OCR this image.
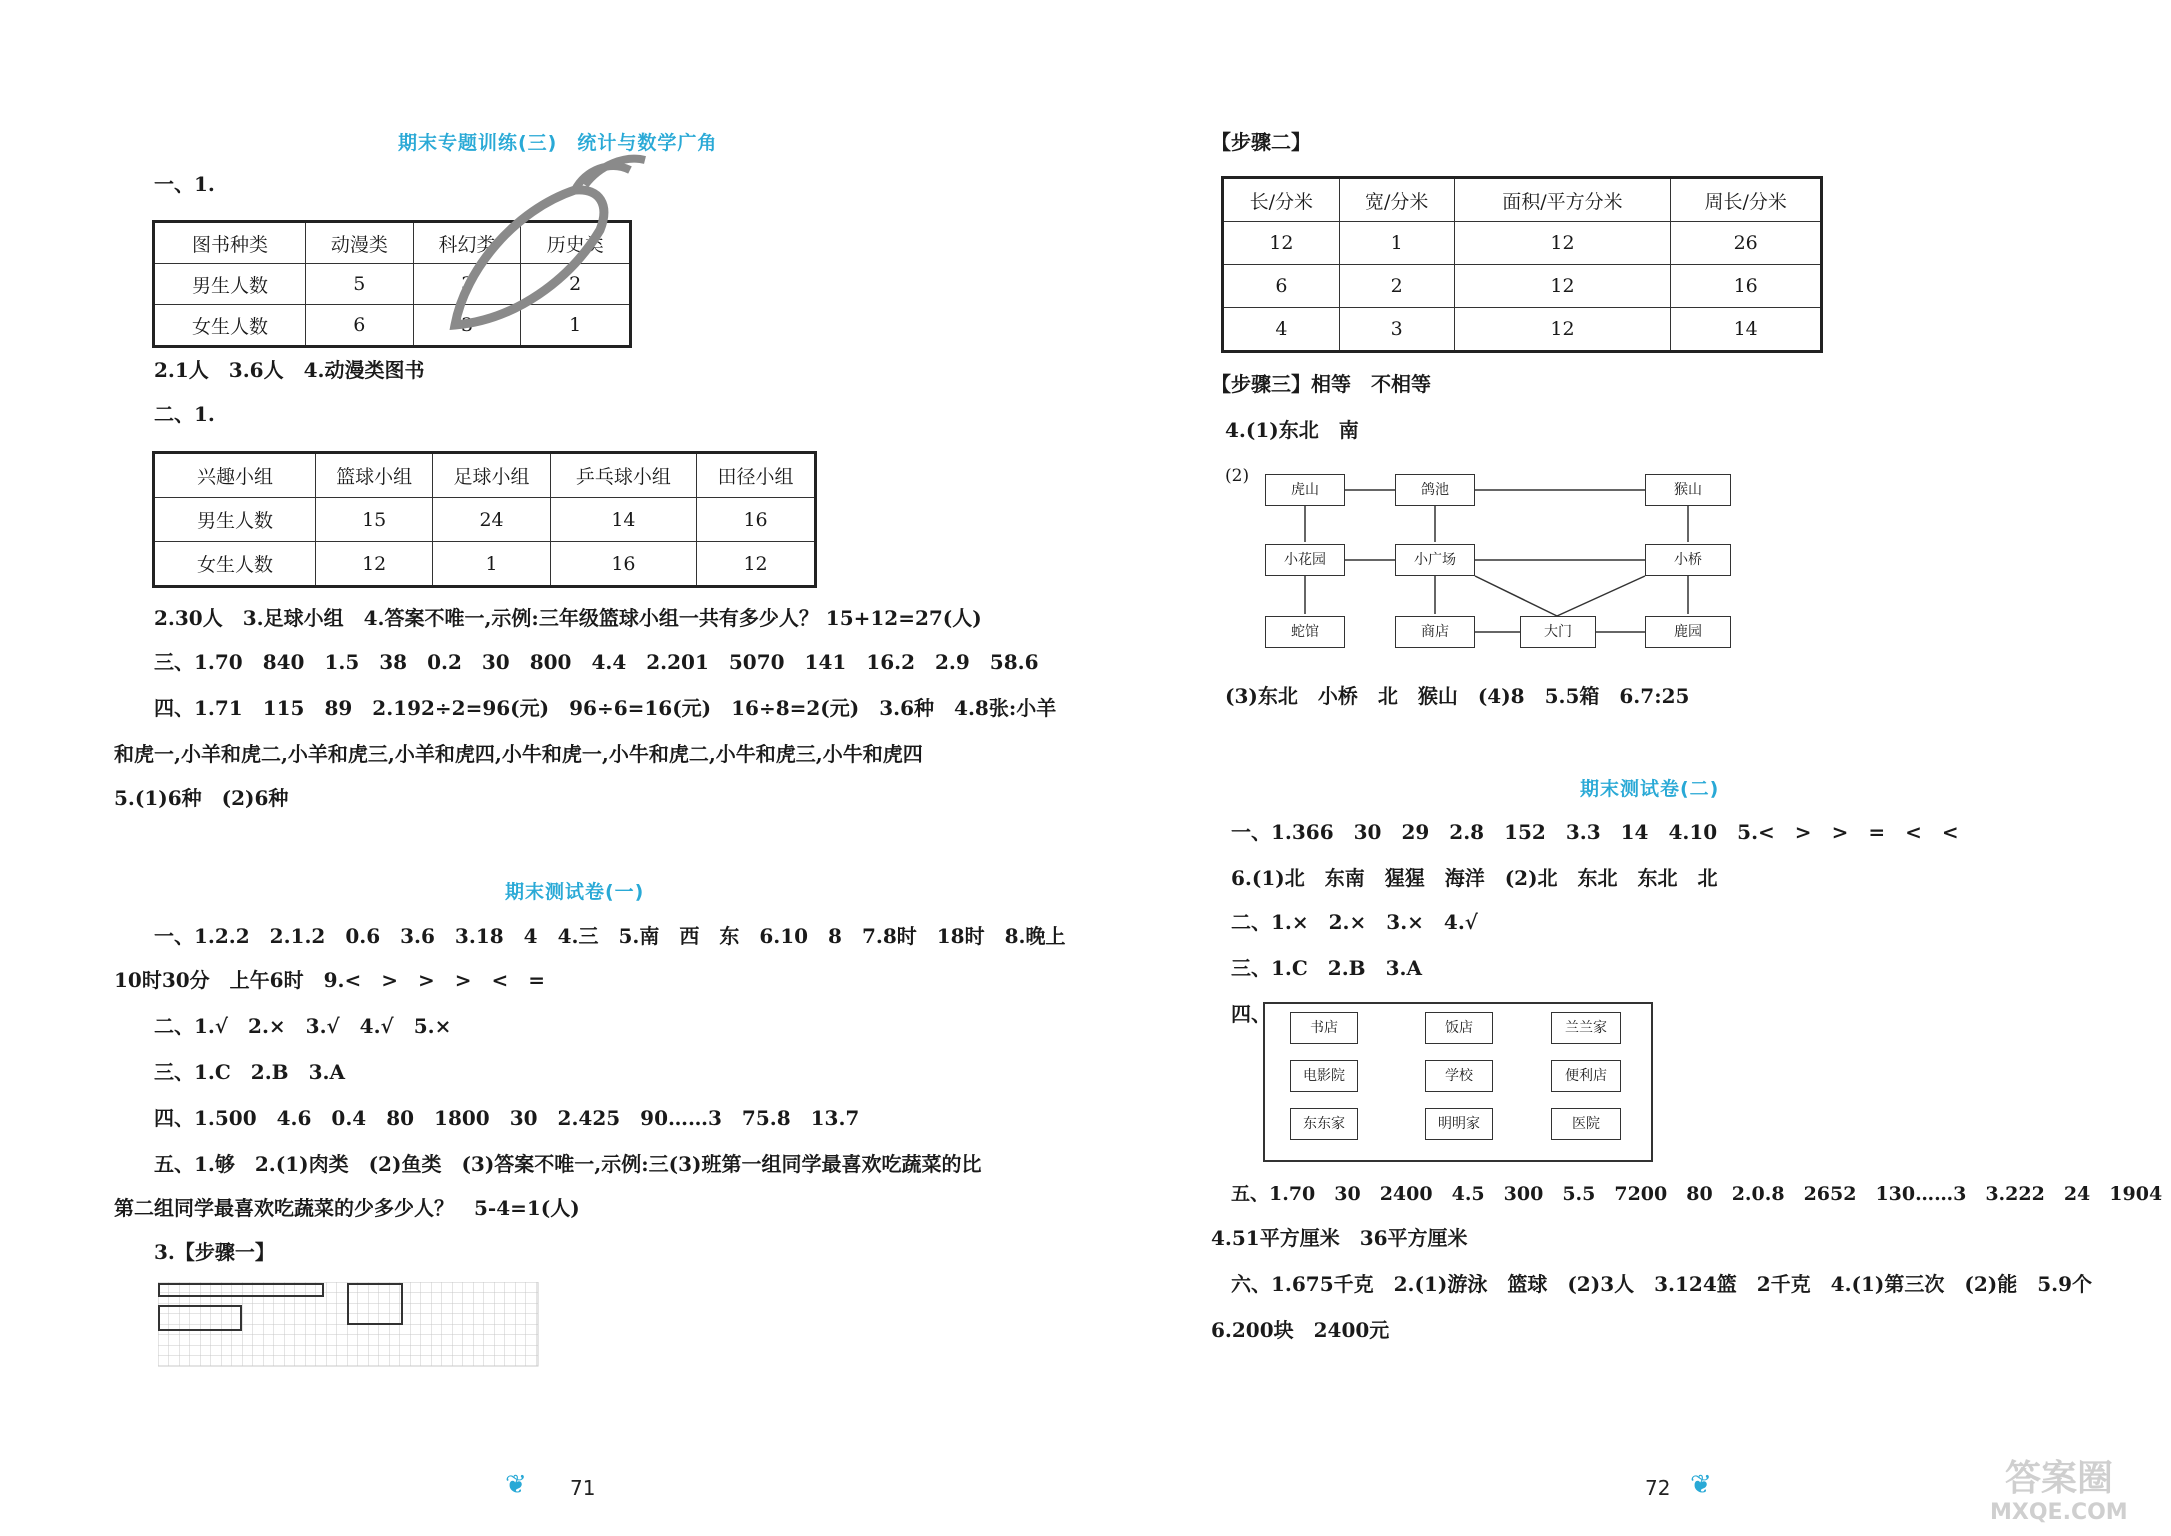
期末专题训练(三)　统计与数学广角
一、1.
图书种类	动漫类	科幻类	历史类
男生人数	5	3	2
女生人数	6	3	1
2.1人　3.6人　4.动漫类图书
二、1.
兴趣小组	篮球小组	足球小组	乒乓球小组	田径小组
男生人数	15	24	14	16
女生人数	12	1	16	12
2.30人　3.足球小组　4.答案不唯一,示例:三年级篮球小组一共有多少人？ 15+12=27(人)
三、1.70　840　1.5　38　0.2　30　800　4.4　2.201　5070　141　16.2　2.9　58.6
四、1.71　115　89　2.192÷2=96(元)　96÷6=16(元)　16÷8=2(元)　3.6种　4.8张:小羊
和虎一,小羊和虎二,小羊和虎三,小羊和虎四,小牛和虎一,小牛和虎二,小牛和虎三,小牛和虎四
5.(1)6种　(2)6种
期末测试卷(一)
一、1.2.2　2.1.2　0.6　3.6　3.18　4　4.三　5.南　西　东　6.10　8　7.8时　18时　8.晚上
10时30分　上午6时　9.<　>　>　>　<　=
二、1.√　2.×　3.√　4.√　5.×
三、1.C　2.B　3.A
四、1.500　4.6　0.4　80　1800　30　2.425　90……3　75.8　13.7
五、1.够　2.(1)肉类　(2)鱼类　(3)答案不唯一,示例:三(3)班第一组同学最喜欢吃蔬菜的比
第二组同学最喜欢吃蔬菜的少多少人？　5-4=1(人)
3.【步骤一】
❦ 71
【步骤二】
长/分米	宽/分米	面积/平方分米	周长/分米
12	1	12	26
6	2	12	16
4	3	12	14
【步骤三】相等　不相等
4.(1)东北　南
(2)
虎山	鸽池	猴山
小花园	小广场	小桥
蛇馆	商店	大门	鹿园
(3)东北　小桥　北　猴山　(4)8　5.5箱　6.7:25
期末测试卷(二)
一、1.366　30　29　2.8　152　3.3　14　4.10　5.<　>　>　=　<　<
6.(1)北　东南　猩猩　海洋　(2)北　东北　东北　北
二、1.×　2.×　3.×　4.√
三、1.C　2.B　3.A
四、
书店	饭店	兰兰家
电影院	学校	便利店
东东家	明明家	医院
五、1.70　30　2400　4.5　300　5.5　7200　80　2.0.8　2652　130……3　3.222　24　1904
4.51平方厘米　36平方厘米
六、1.675千克　2.(1)游泳　篮球　(2)3人　3.124篮　2千克　4.(1)第三次　(2)能　5.9个
6.200块　2400元
72 ❦	答案圈
MXQE.COM
